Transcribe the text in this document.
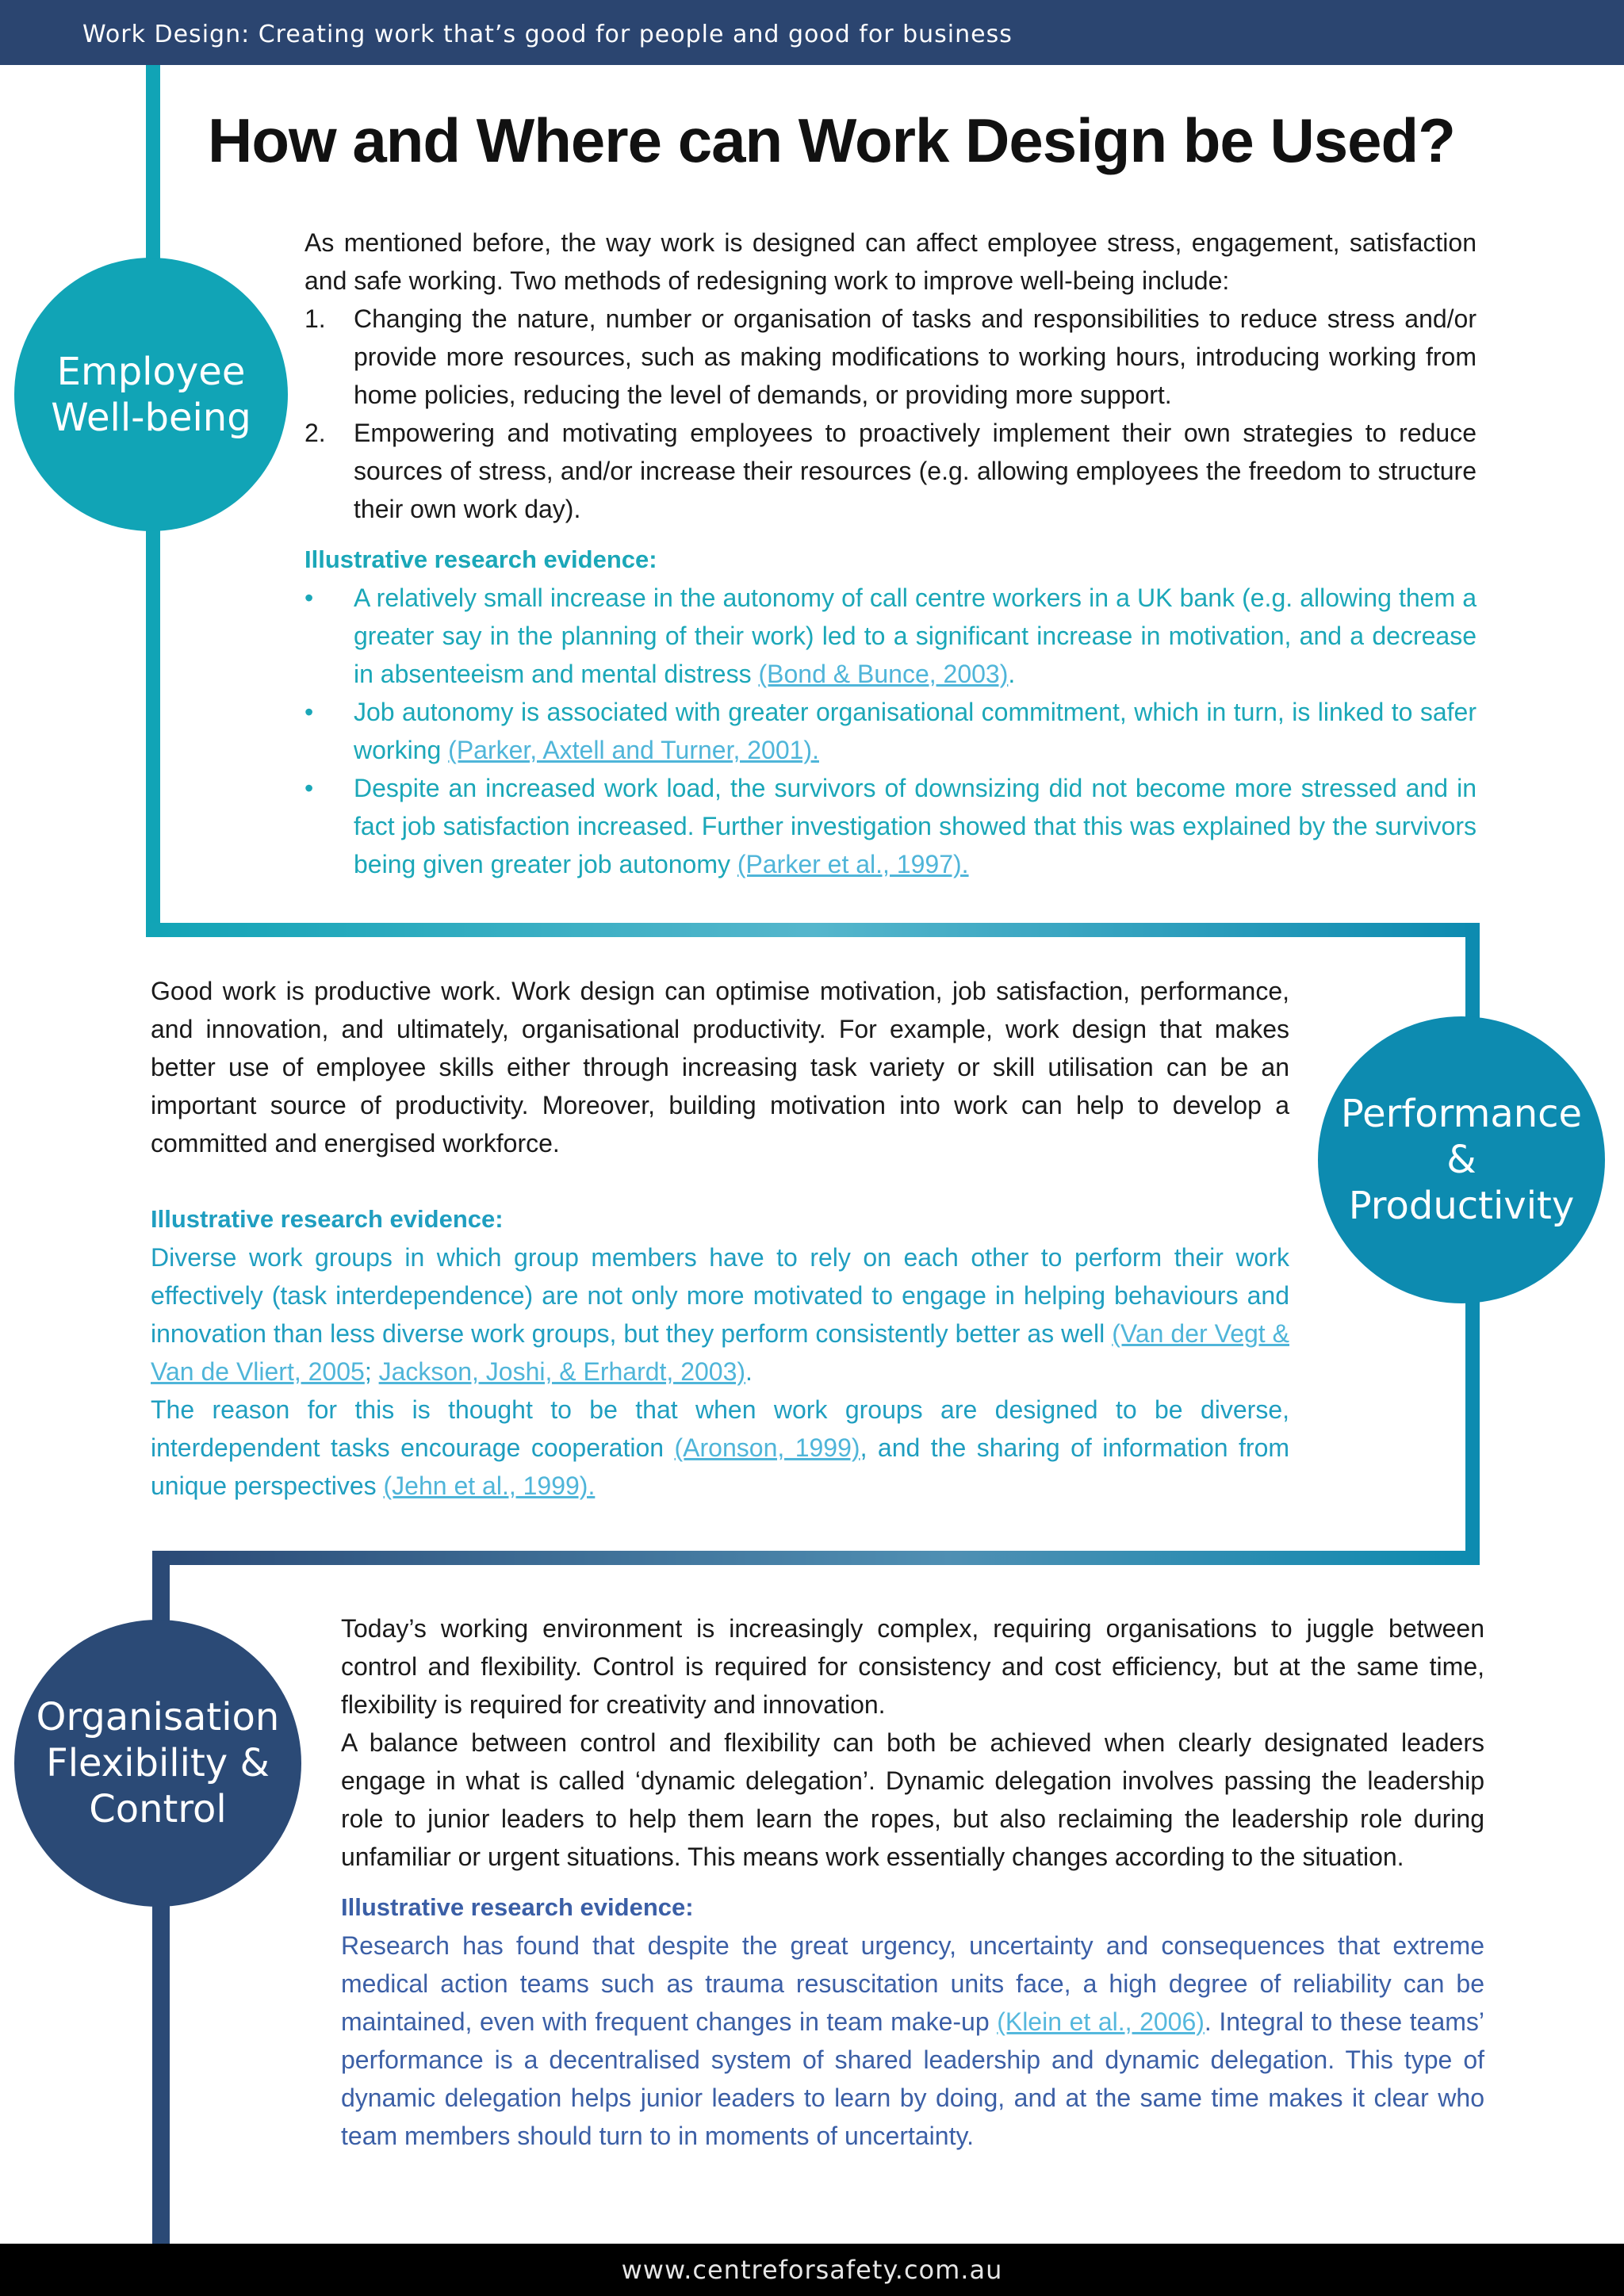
Work Design: Creating work that’s good for people and good for business
How and Where can Work Design be Used?
Employee Well-being
Performance
&
Productivity
Organisation
Flexibility &
Control

As mentioned before, the way work is designed can affect employee stress, engagement, satisfaction and safe working. Two methods of redesigning work to improve well-being include:

1. Changing the nature, number or organisation of tasks and responsibilities to reduce stress and/or provide more resources, such as making modifications to working hours, introducing working from home policies, reducing the level of demands, or providing more support.
2. Empowering and motivating employees to proactively implement their own strategies to reduce sources of stress, and/or increase their resources (e.g. allowing employees the freedom to structure their own work day).
Illustrative research evidence:
• A relatively small increase in the autonomy of call centre workers in a UK bank (e.g. allowing them a greater say in the planning of their work) led to a significant increase in motivation, and a decrease in absenteeism and mental distress (Bond & Bunce, 2003).
• Job autonomy is associated with greater organisational commitment, which in turn, is linked to safer working (Parker, Axtell and Turner, 2001).
• Despite an increased work load, the survivors of downsizing did not become more stressed and in fact job satisfaction increased. Further investigation showed that this was explained by the survivors being given greater job autonomy (Parker et al., 1997).

Good work is productive work. Work design can optimise motivation, job satisfaction, performance, and innovation, and ultimately, organisational productivity. For example, work design that makes better use of employee skills either through increasing task variety or skill utilisation can be an important source of productivity. Moreover, building motivation into work can help to develop a committed and energised workforce.

Illustrative research evidence:

Diverse work groups in which group members have to rely on each other to perform their work effectively (task interdependence) are not only more motivated to engage in helping behaviours and innovation than less diverse work groups, but they perform consistently better as well (Van der Vegt & Van de Vliert, 2005; Jackson, Joshi, & Erhardt, 2003).

The reason for this is thought to be that when work groups are designed to be diverse, interdependent tasks encourage cooperation (Aronson, 1999), and the sharing of information from unique perspectives (Jehn et al., 1999).

Today’s working environment is increasingly complex, requiring organisations to juggle between control and flexibility. Control is required for consistency and cost efficiency, but at the same time, flexibility is required for creativity and innovation.

A balance between control and flexibility can both be achieved when clearly designated leaders engage in what is called ‘dynamic delegation’. Dynamic delegation involves passing the leadership role to junior leaders to help them learn the ropes, but also reclaiming the leadership role during unfamiliar or urgent situations. This means work essentially changes according to the situation.

Illustrative research evidence:

Research has found that despite the great urgency, uncertainty and consequences that extreme medical action teams such as trauma resuscitation units face, a high degree of reliability can be maintained, even with frequent changes in team make-up (Klein et al., 2006). Integral to these teams’ performance is a decentralised system of shared leadership and dynamic delegation. This type of dynamic delegation helps junior leaders to learn by doing, and at the same time makes it clear who team members should turn to in moments of uncertainty.

www.centreforsafety.com.au
